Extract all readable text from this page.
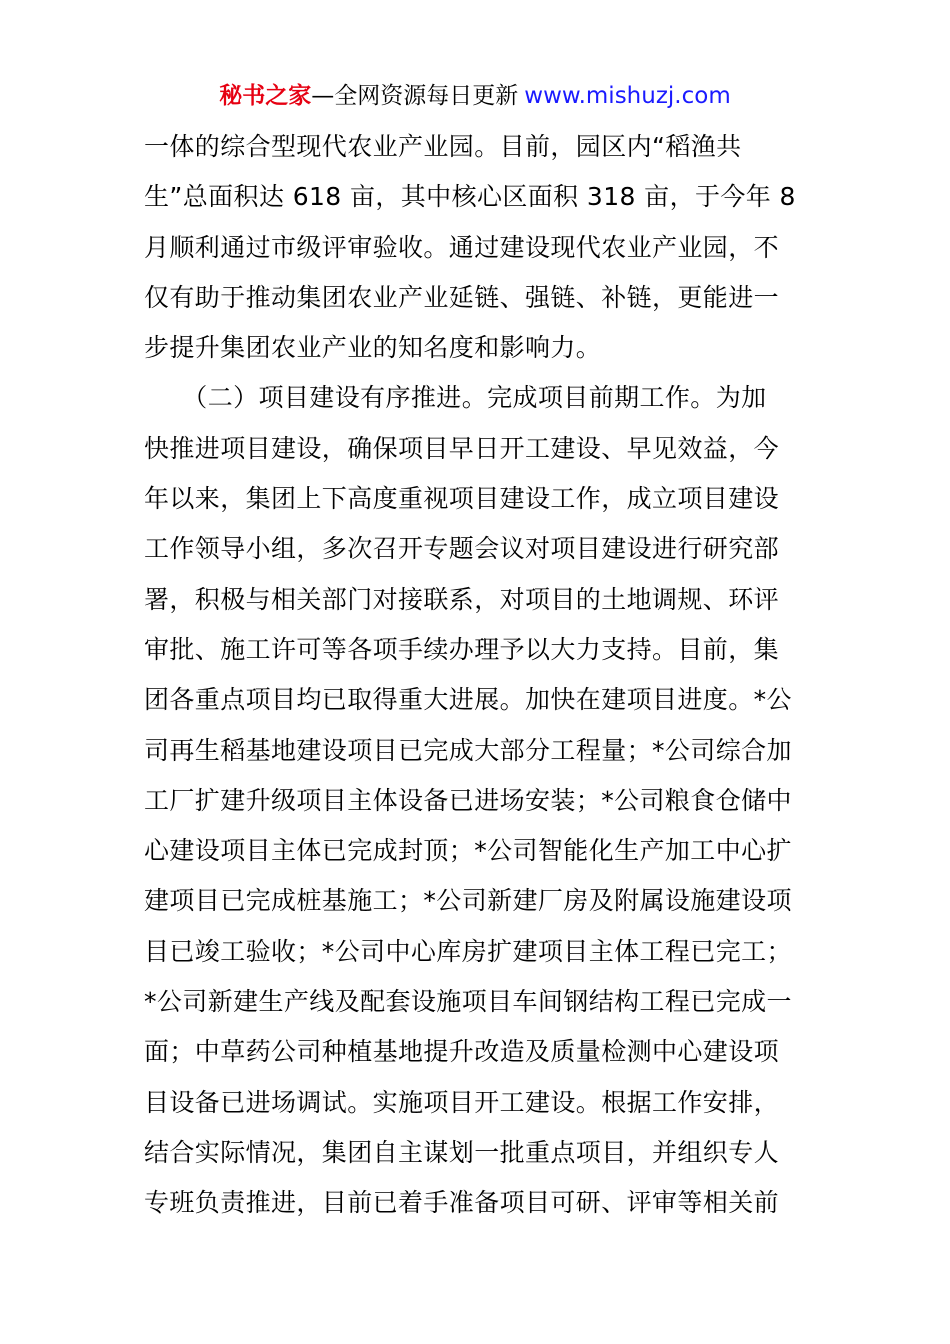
秘书之家—全网资源每日更新 www.mishuzj.com
一体的综合型现代农业产业园。目前，园区内“稻渔共
生”总面积达 618 亩，其中核心区面积 318 亩，于今年 8
月顺利通过市级评审验收。通过建设现代农业产业园，不
仅有助于推动集团农业产业延链、强链、补链，更能进一
步提升集团农业产业的知名度和影响力。
　　（二）项目建设有序推进。完成项目前期工作。为加
快推进项目建设，确保项目早日开工建设、早见效益，今
年以来，集团上下高度重视项目建设工作，成立项目建设
工作领导小组，多次召开专题会议对项目建设进行研究部
署，积极与相关部门对接联系，对项目的土地调规、环评
审批、施工许可等各项手续办理予以大力支持。目前，集
团各重点项目均已取得重大进展。加快在建项目进度。*公
司再生稻基地建设项目已完成大部分工程量；*公司综合加
工厂扩建升级项目主体设备已进场安装；*公司粮食仓储中
心建设项目主体已完成封顶；*公司智能化生产加工中心扩
建项目已完成桩基施工；*公司新建厂房及附属设施建设项
目已竣工验收；*公司中心库房扩建项目主体工程已完工；
*公司新建生产线及配套设施项目车间钢结构工程已完成一
面；中草药公司种植基地提升改造及质量检测中心建设项
目设备已进场调试。实施项目开工建设。根据工作安排，
结合实际情况，集团自主谋划一批重点项目，并组织专人
专班负责推进，目前已着手准备项目可研、评审等相关前
